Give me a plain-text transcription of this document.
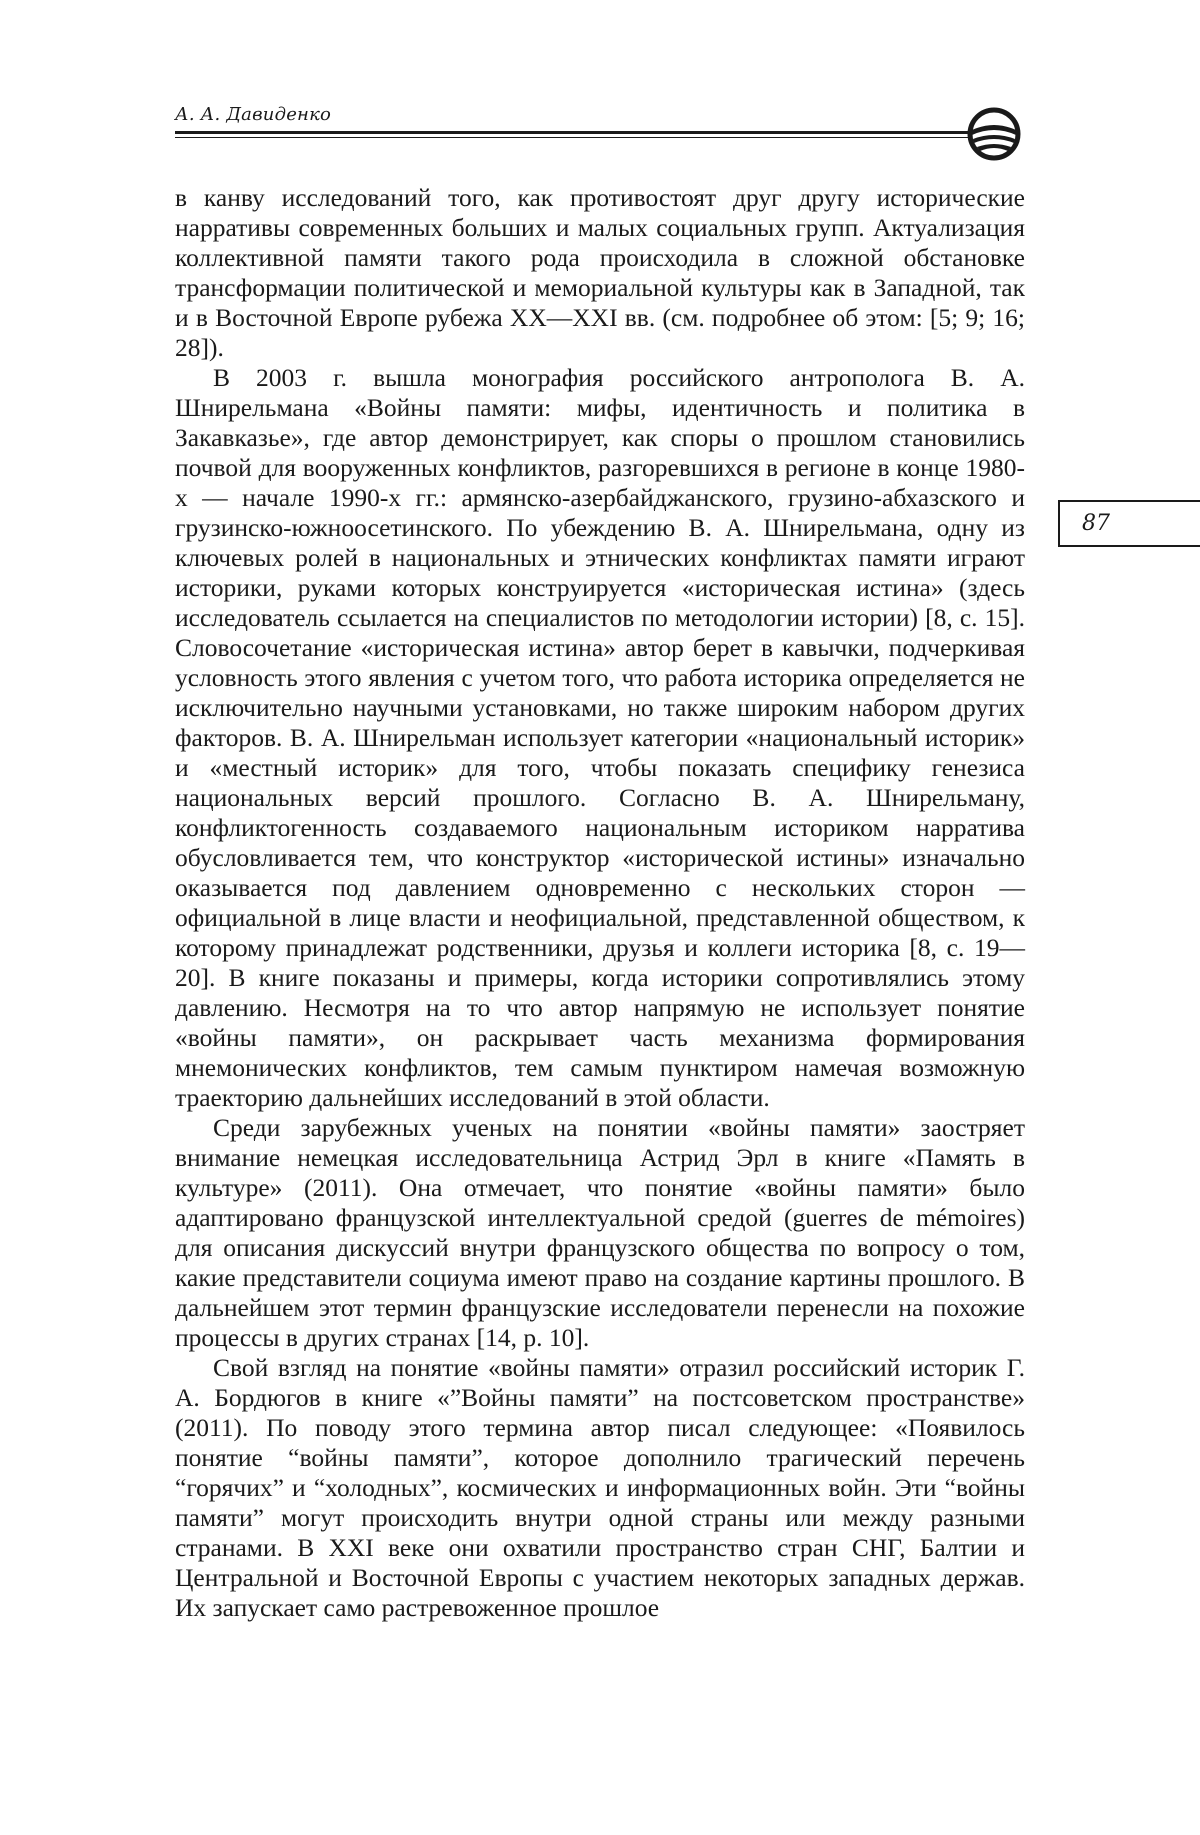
А. А. Давиденко
87

в канву исследований того, как противостоят друг другу исторические нарративы современных больших и малых социальных групп. Актуализация коллективной памяти такого рода происходила в сложной обстановке трансформации политической и мемориальной культуры как в Западной, так и в Восточной Европе рубежа XX—XXI вв. (см. подробнее об этом: [5; 9; 16; 28]).

В 2003 г. вышла монография российского антрополога В. А. Шнирельмана «Войны памяти: мифы, идентичность и политика в Закавказье», где автор демонстрирует, как споры о прошлом становились почвой для вооруженных конфликтов, разгоревшихся в регионе в конце 1980-х — начале 1990-х гг.: армянско-азербайджанского, грузино-абхазского и грузинско-южноосетинского. По убеждению В. А. Шнирельмана, одну из ключевых ролей в национальных и этнических конфликтах памяти играют историки, руками которых конструируется «историческая истина» (здесь исследователь ссылается на специалистов по методологии истории) [8, с. 15]. Словосочетание «историческая истина» автор берет в кавычки, подчеркивая условность этого явления с учетом того, что работа историка определяется не исключительно научными установками, но также широким набором других факторов. В. А. Шнирельман использует категории «национальный историк» и «местный историк» для того, чтобы показать специфику генезиса национальных версий прошлого. Согласно В. А. Шнирельману, конфликтогенность создаваемого национальным историком нарратива обусловливается тем, что конструктор «исторической истины» изначально оказывается под давлением одновременно с нескольких сторон — официальной в лице власти и неофициальной, представленной обществом, к которому принадлежат родственники, друзья и коллеги историка [8, с. 19—20]. В книге показаны и примеры, когда историки сопротивлялись этому давлению. Несмотря на то что автор напрямую не использует понятие «войны памяти», он раскрывает часть механизма формирования мнемонических конфликтов, тем самым пунктиром намечая возможную траекторию дальнейших исследований в этой области.

Среди зарубежных ученых на понятии «войны памяти» заостряет внимание немецкая исследовательница Астрид Эрл в книге «Память в культуре» (2011). Она отмечает, что понятие «войны памяти» было адаптировано французской интеллектуальной средой (guerres de mémoires) для описания дискуссий внутри французского общества по вопросу о том, какие представители социума имеют право на создание картины прошлого. В дальнейшем этот термин французские исследователи перенесли на похожие процессы в других странах [14, p. 10].

Свой взгляд на понятие «войны памяти» отразил российский историк Г. А. Бордюгов в книге «”Войны памяти” на постсоветском пространстве» (2011). По поводу этого термина автор писал следующее: «Появилось понятие “войны памяти”, которое дополнило трагический перечень “горячих” и “холодных”, космических и информационных войн. Эти “войны памяти” могут происходить внутри одной страны или между разными странами. В XXI веке они охватили пространство стран СНГ, Балтии и Центральной и Восточной Европы с участием некоторых западных держав. Их запускает само растревоженное прошлое
